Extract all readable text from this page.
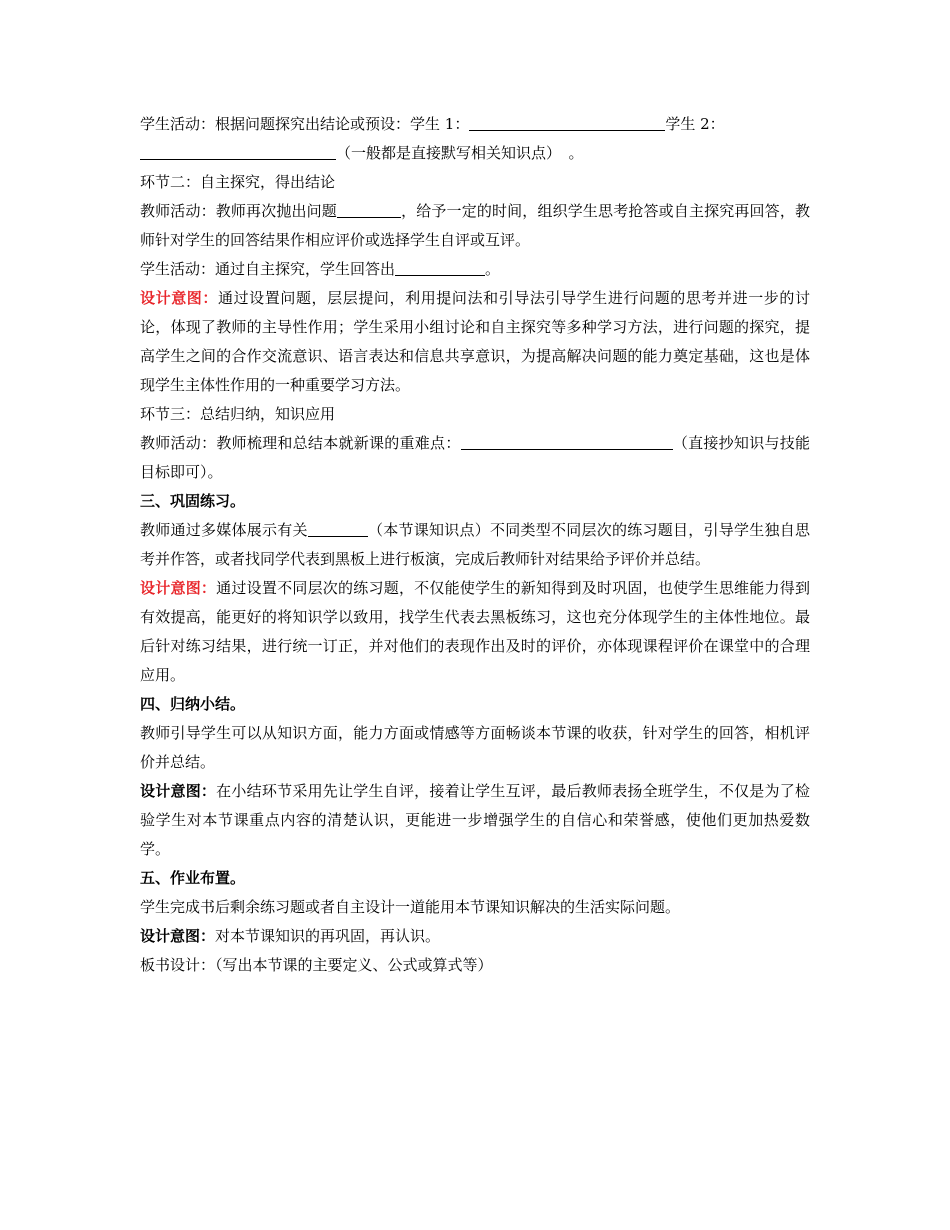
学生活动：根据问题探究出结论或预设：学生 1：	学生 2：
（一般都是直接默写相关知识点）　。

环节二：自主探究，得出结论

教师活动：教师再次抛出问题	，给予一定的时间，组织学生思考抢答或自主探究再回答，教师针对学生的回答结果作相应评价或选择学生自评或互评。

学生活动：通过自主探究，学生回答出	。

设计意图：通过设置问题，层层提问，利用提问法和引导法引导学生进行问题的思考并进一步的讨论，体现了教师的主导性作用；学生采用小组讨论和自主探究等多种学习方法，进行问题的探究，提高学生之间的合作交流意识、语言表达和信息共享意识，为提高解决问题的能力奠定基础，这也是体现学生主体性作用的一种重要学习方法。

环节三：总结归纳，知识应用

教师活动：教师梳理和总结本就新课的重难点：	（直接抄知识与技能目标即可）。

三、巩固练习。

教师通过多媒体展示有关	（本节课知识点）不同类型不同层次的练习题目，引导学生独自思考并作答，或者找同学代表到黑板上进行板演，完成后教师针对结果给予评价并总结。

设计意图：通过设置不同层次的练习题，不仅能使学生的新知得到及时巩固，也使学生思维能力得到有效提高，能更好的将知识学以致用，找学生代表去黑板练习，这也充分体现学生的主体性地位。最后针对练习结果，进行统一订正，并对他们的表现作出及时的评价，亦体现课程评价在课堂中的合理应用。

四、归纳小结。

教师引导学生可以从知识方面，能力方面或情感等方面畅谈本节课的收获，针对学生的回答，相机评价并总结。

设计意图：在小结环节采用先让学生自评，接着让学生互评，最后教师表扬全班学生，不仅是为了检验学生对本节课重点内容的清楚认识，更能进一步增强学生的自信心和荣誉感，使他们更加热爱数学。

五、作业布置。

学生完成书后剩余练习题或者自主设计一道能用本节课知识解决的生活实际问题。

设计意图：对本节课知识的再巩固，再认识。

板书设计：（写出本节课的主要定义、公式或算式等）
